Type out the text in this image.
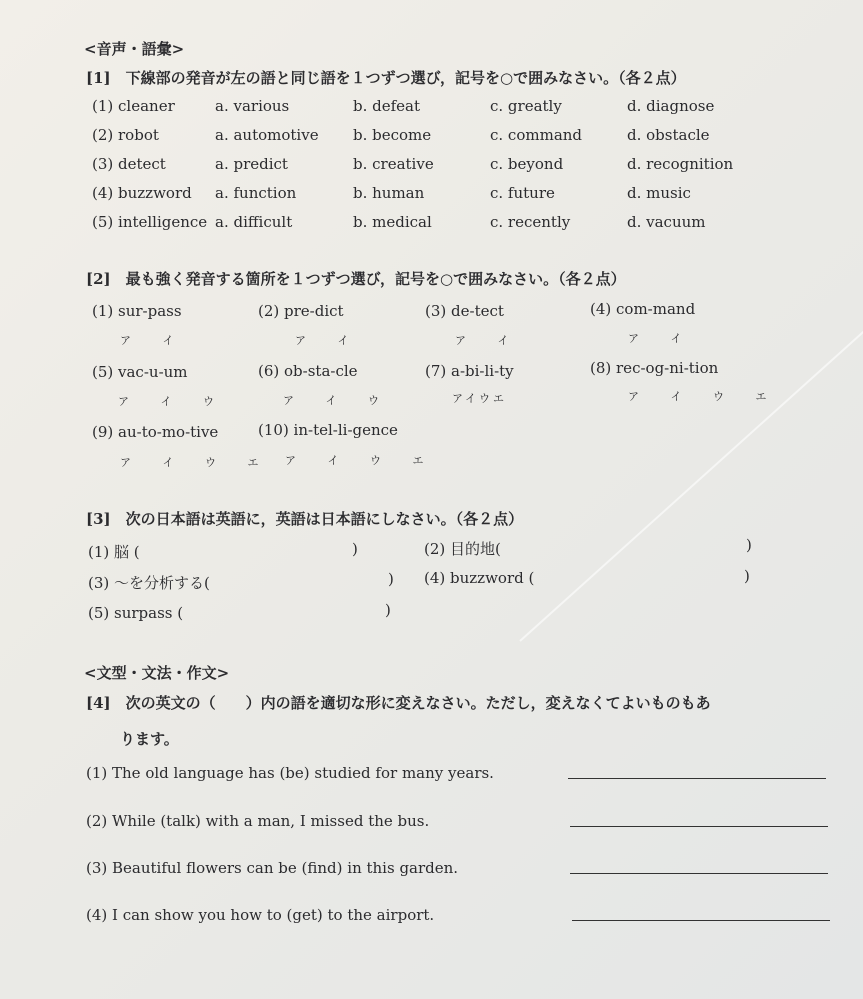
<音声・語彙>
[1]　下線部の発音が左の語と同じ語を１つずつ選び，記号を○で囲みなさい。（各２点）
(1) cleaner	a. various	b. defeat	c. greatly	d. diagnose
(2) robot	a. automotive b. become	c. command	d. obstacle
(3) detect	a. predict	b. creative	c. beyond	d. recognition
(4) buzzword a. function	b. human	c. future	d. music
(5) intelligence a. difficult	b. medical	c. recently	d. vacuum
[2]　最も強く発音する箇所を１つずつ選び，記号を○で囲みなさい。（各２点）
(1) sur-pass
ア イ
(2) pre-dict
ア イ
(3) de-tect
ア イ
(4) com-mand
ア イ
(5) vac-u-um
ア イ ウ
(6) ob-sta-cle
ア イ ウ
(7) a-bi-li-ty
アイウエ
(8) rec-og-ni-tion
ア イ ウ エ
(9) au-to-mo-tive
ア イ ウ エ
(10) in-tel-li-gence
ア イ ウ エ
[3]　次の日本語は英語に，英語は日本語にしなさい。（各２点）
(1) 脳 (	)	(2) 目的地(	)
(3) 〜を分析する(	) (4) buzzword (	)
(5) surpass (	)
<文型・文法・作文>
[4]　次の英文の（　　）内の語を適切な形に変えなさい。ただし，変えなくてよいものもあ
ります。
(1) The old language has (be) studied for many years.
(2) While (talk) with a man, I missed the bus.
(3) Beautiful flowers can be (find) in this garden.
(4) I can show you how to (get) to the airport.
